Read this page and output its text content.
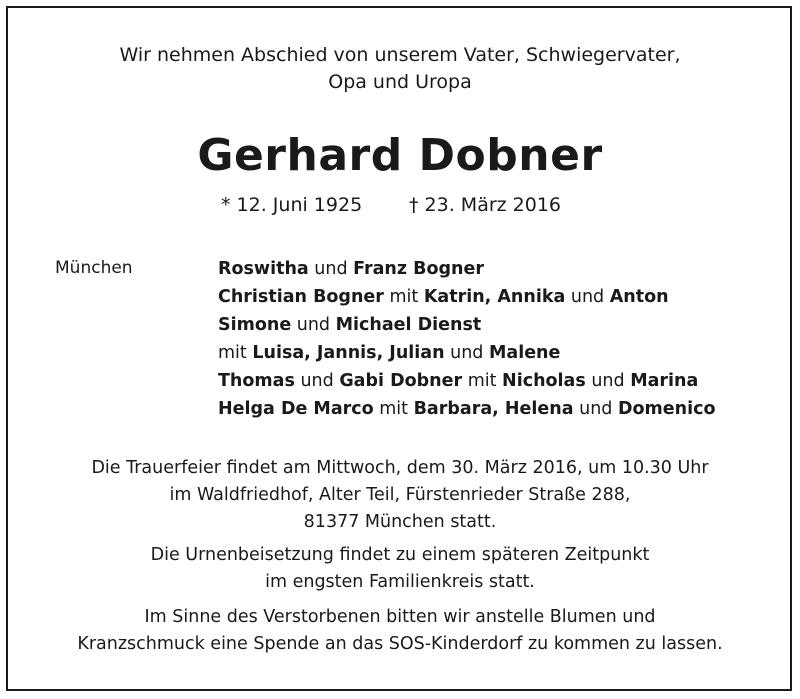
Wir nehmen Abschied von unserem Vater, Schwiegervater,
Opa und Uropa
Gerhard Dobner
* 12. Juni 1925 † 23. März 2016
München	Roswitha und Franz Bogner
Christian Bogner mit Katrin, Annika und Anton
Simone und Michael Dienst
mit Luisa, Jannis, Julian und Malene
Thomas und Gabi Dobner mit Nicholas und Marina
Helga De Marco mit Barbara, Helena und Domenico
Die Trauerfeier findet am Mittwoch, dem 30. März 2016, um 10.30 Uhr
im Waldfriedhof, Alter Teil, Fürstenrieder Straße 288,
81377 München statt.
Die Urnenbeisetzung findet zu einem späteren Zeitpunkt
im engsten Familienkreis statt.
Im Sinne des Verstorbenen bitten wir anstelle Blumen und
Kranzschmuck eine Spende an das SOS-Kinderdorf zu kommen zu lassen.
